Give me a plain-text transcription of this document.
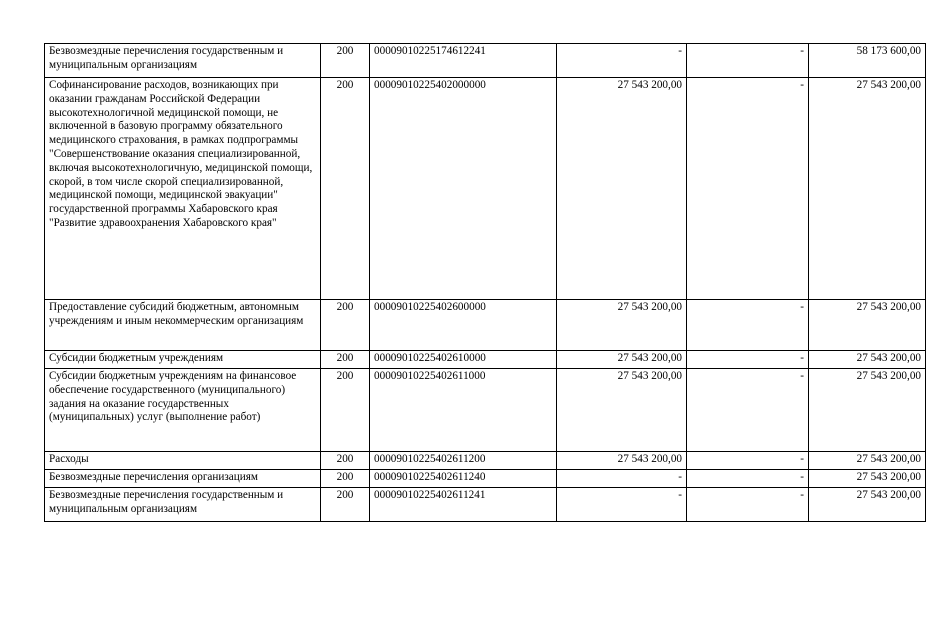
Безвозмездные перечисления государственным и муниципальным организациям	200	00009010225174612241	-	-	58 173 600,00
Софинансирование расходов, возникающих при оказании гражданам Российской Федерации высокотехнологичной медицинской помощи, не включенной в базовую программу обязательного медицинского страхования, в рамках подпрограммы "Совершенствование оказания специализированной, включая высокотехнологичную, медицинской помощи, скорой, в том числе скорой специализированной, медицинской помощи, медицинской эвакуации" государственной программы Хабаровского края "Развитие здравоохранения Хабаровского края"	200	00009010225402000000	27 543 200,00	-	27 543 200,00
Предоставление субсидий бюджетным, автономным учреждениям и иным некоммерческим организациям	200	00009010225402600000	27 543 200,00	-	27 543 200,00
Субсидии бюджетным учреждениям	200	00009010225402610000	27 543 200,00	-	27 543 200,00
Субсидии бюджетным учреждениям на финансовое обеспечение государственного (муниципального) задания на оказание государственных (муниципальных) услуг (выполнение работ)	200	00009010225402611000	27 543 200,00	-	27 543 200,00
Расходы	200	00009010225402611200	27 543 200,00	-	27 543 200,00
Безвозмездные перечисления организациям	200	00009010225402611240	-	-	27 543 200,00
Безвозмездные перечисления государственным и муниципальным организациям	200	00009010225402611241	-	-	27 543 200,00
